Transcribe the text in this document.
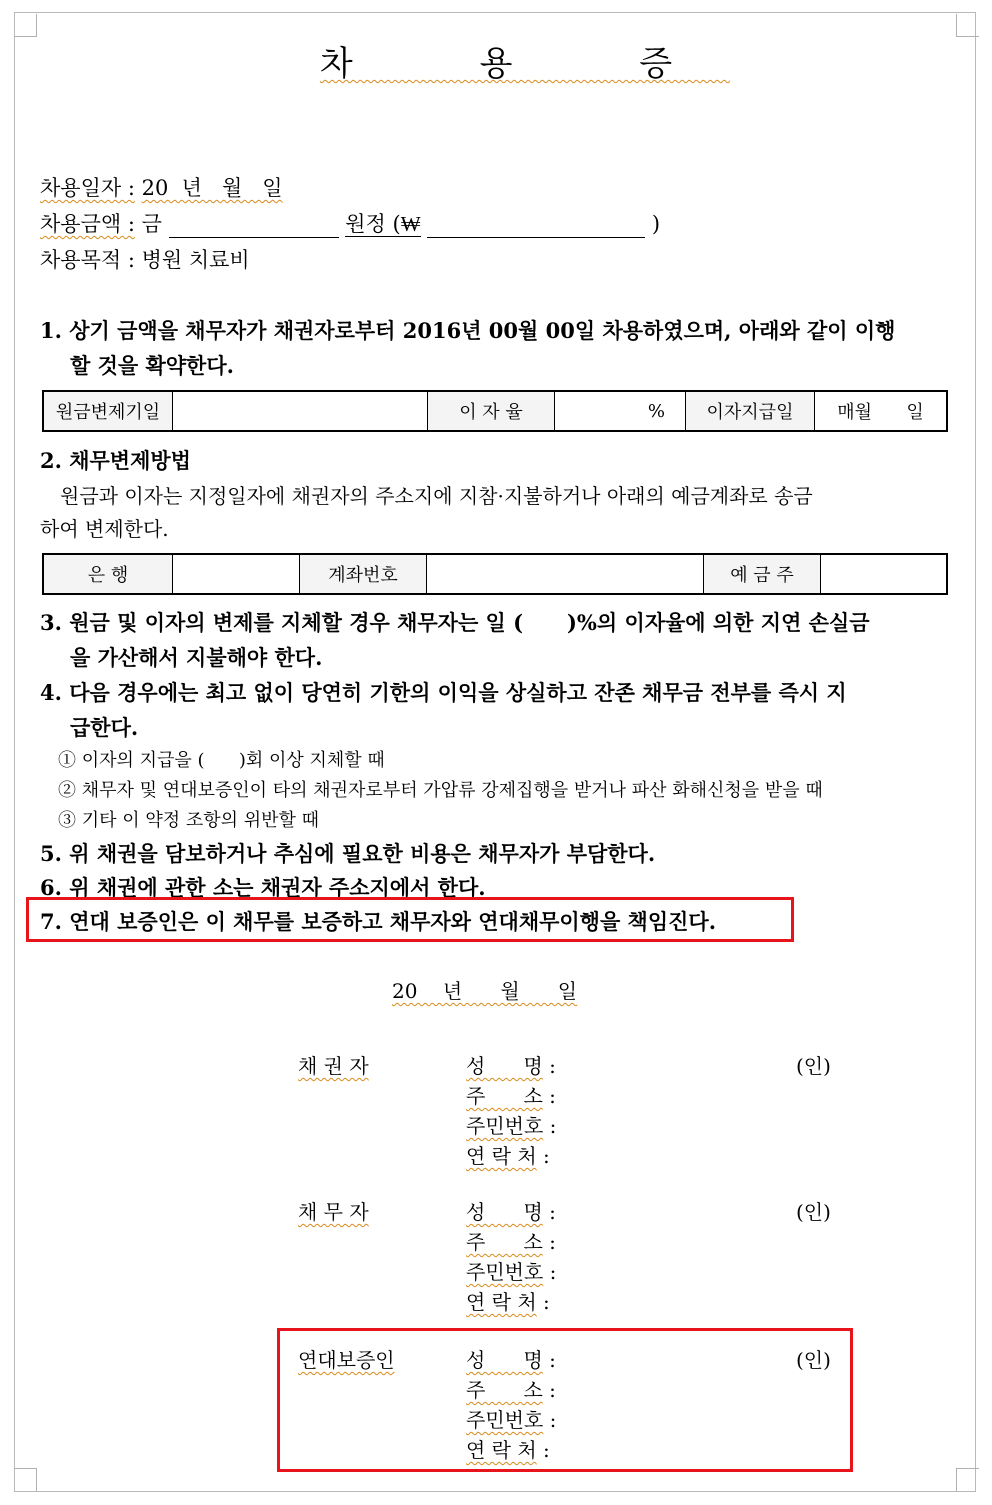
차 용 증
차용일자 : 20  년   월   일
차용금액 : 금	원정 (₩	)
차용목적 : 병원 치료비
1. 상기 금액을 채무자가 채권자로부터 2016년 00월 00일 차용하였으며, 아래와 같이 이행
할 것을 확약한다.
원금변제기일		이 자 율	%	이자지급일	매월      일
2. 채무변제방법
원금과 이자는 지정일자에 채권자의 주소지에 지참·지불하거나 아래의 예금계좌로 송금
하여 변제한다.
은 행		계좌번호		예 금 주	
3. 원금 및 이자의 변제를 지체할 경우 채무자는 일 (      )%의 이자율에 의한 지연 손실금
을 가산해서 지불해야 한다.
4. 다음 경우에는 최고 없이 당연히 기한의 이익을 상실하고 잔존 채무금 전부를 즉시 지
급한다.
① 이자의 지급을 (      )회 이상 지체할 때
② 채무자 및 연대보증인이 타의 채권자로부터 가압류 강제집행을 받거나 파산 화해신청을 받을 때
③ 기타 이 약정 조항의 위반할 때
5. 위 채권을 담보하거나 추심에 필요한 비용은 채무자가 부담한다.
6. 위 채권에 관한 소는 채권자 주소지에서 한다.
7. 연대 보증인은 이 채무를 보증하고 채무자와 연대채무이행을 책임진다.
20    년      월      일
채 권 자	성      명 :	(인)
주      소 :
주민번호 :
연 락 처 :
채 무 자	성      명 :	(인)
주      소 :
주민번호 :
연 락 처 :
연대보증인	성      명 :	(인)
주      소 :
주민번호 :
연 락 처 :
